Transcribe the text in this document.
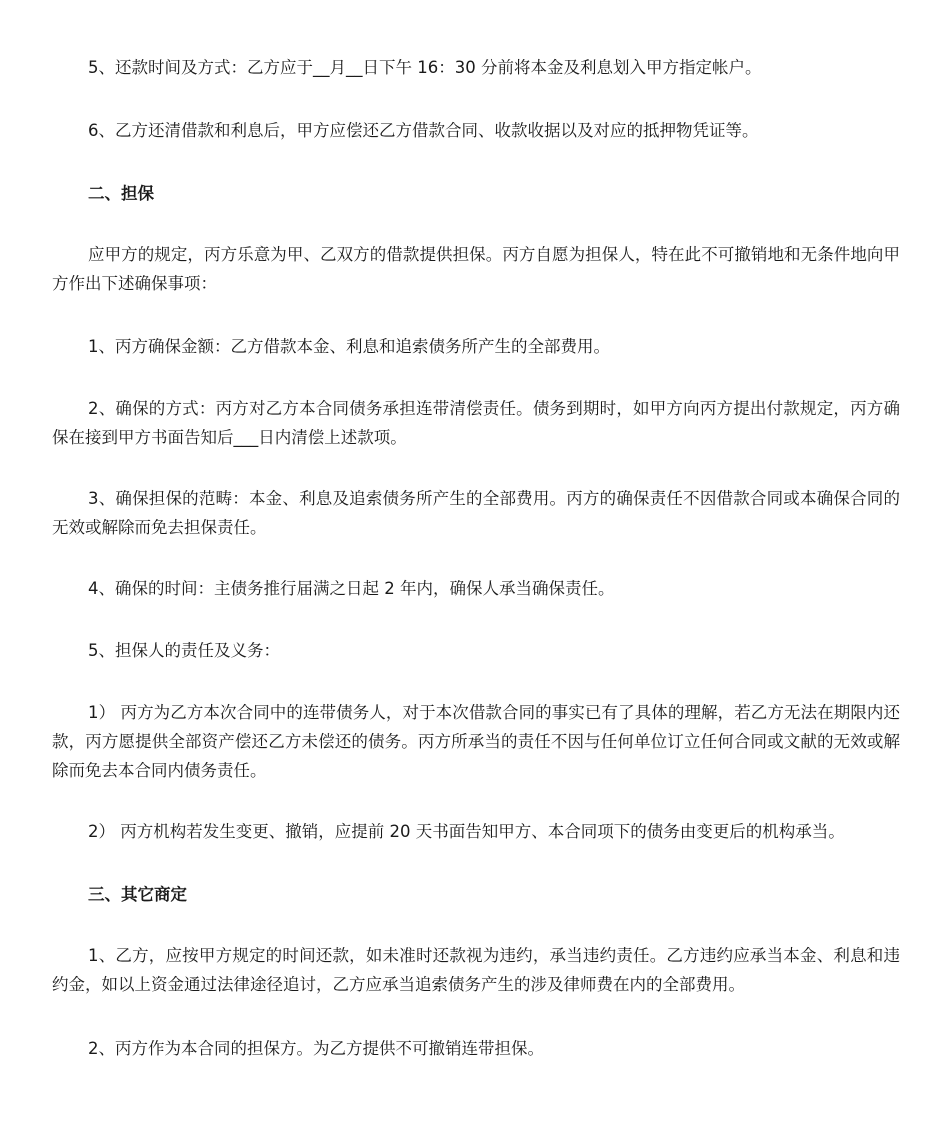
5、还款时间及方式：乙方应于__月__日下午 16：30 分前将本金及利息划入甲方指定帐户。

6、乙方还清借款和利息后，甲方应偿还乙方借款合同、收款收据以及对应的抵押物凭证等。

二、担保

应甲方的规定，丙方乐意为甲、乙双方的借款提供担保。丙方自愿为担保人，特在此不可撤销地和无条件地向甲方作出下述确保事项：

1、丙方确保金额：乙方借款本金、利息和追索债务所产生的全部费用。

2、确保的方式：丙方对乙方本合同债务承担连带清偿责任。债务到期时，如甲方向丙方提出付款规定，丙方确保在接到甲方书面告知后___日内清偿上述款项。

3、确保担保的范畴：本金、利息及追索债务所产生的全部费用。丙方的确保责任不因借款合同或本确保合同的无效或解除而免去担保责任。

4、确保的时间：主债务推行届满之日起 2 年内，确保人承当确保责任。

5、担保人的责任及义务：

1） 丙方为乙方本次合同中的连带债务人，对于本次借款合同的事实已有了具体的理解，若乙方无法在期限内还款，丙方愿提供全部资产偿还乙方未偿还的债务。丙方所承当的责任不因与任何单位订立任何合同或文献的无效或解除而免去本合同内债务责任。

2） 丙方机构若发生变更、撤销，应提前 20 天书面告知甲方、本合同项下的债务由变更后的机构承当。

三、其它商定

1、乙方，应按甲方规定的时间还款，如未准时还款视为违约，承当违约责任。乙方违约应承当本金、利息和违约金，如以上资金通过法律途径追讨，乙方应承当追索债务产生的涉及律师费在内的全部费用。

2、丙方作为本合同的担保方。为乙方提供不可撤销连带担保。
